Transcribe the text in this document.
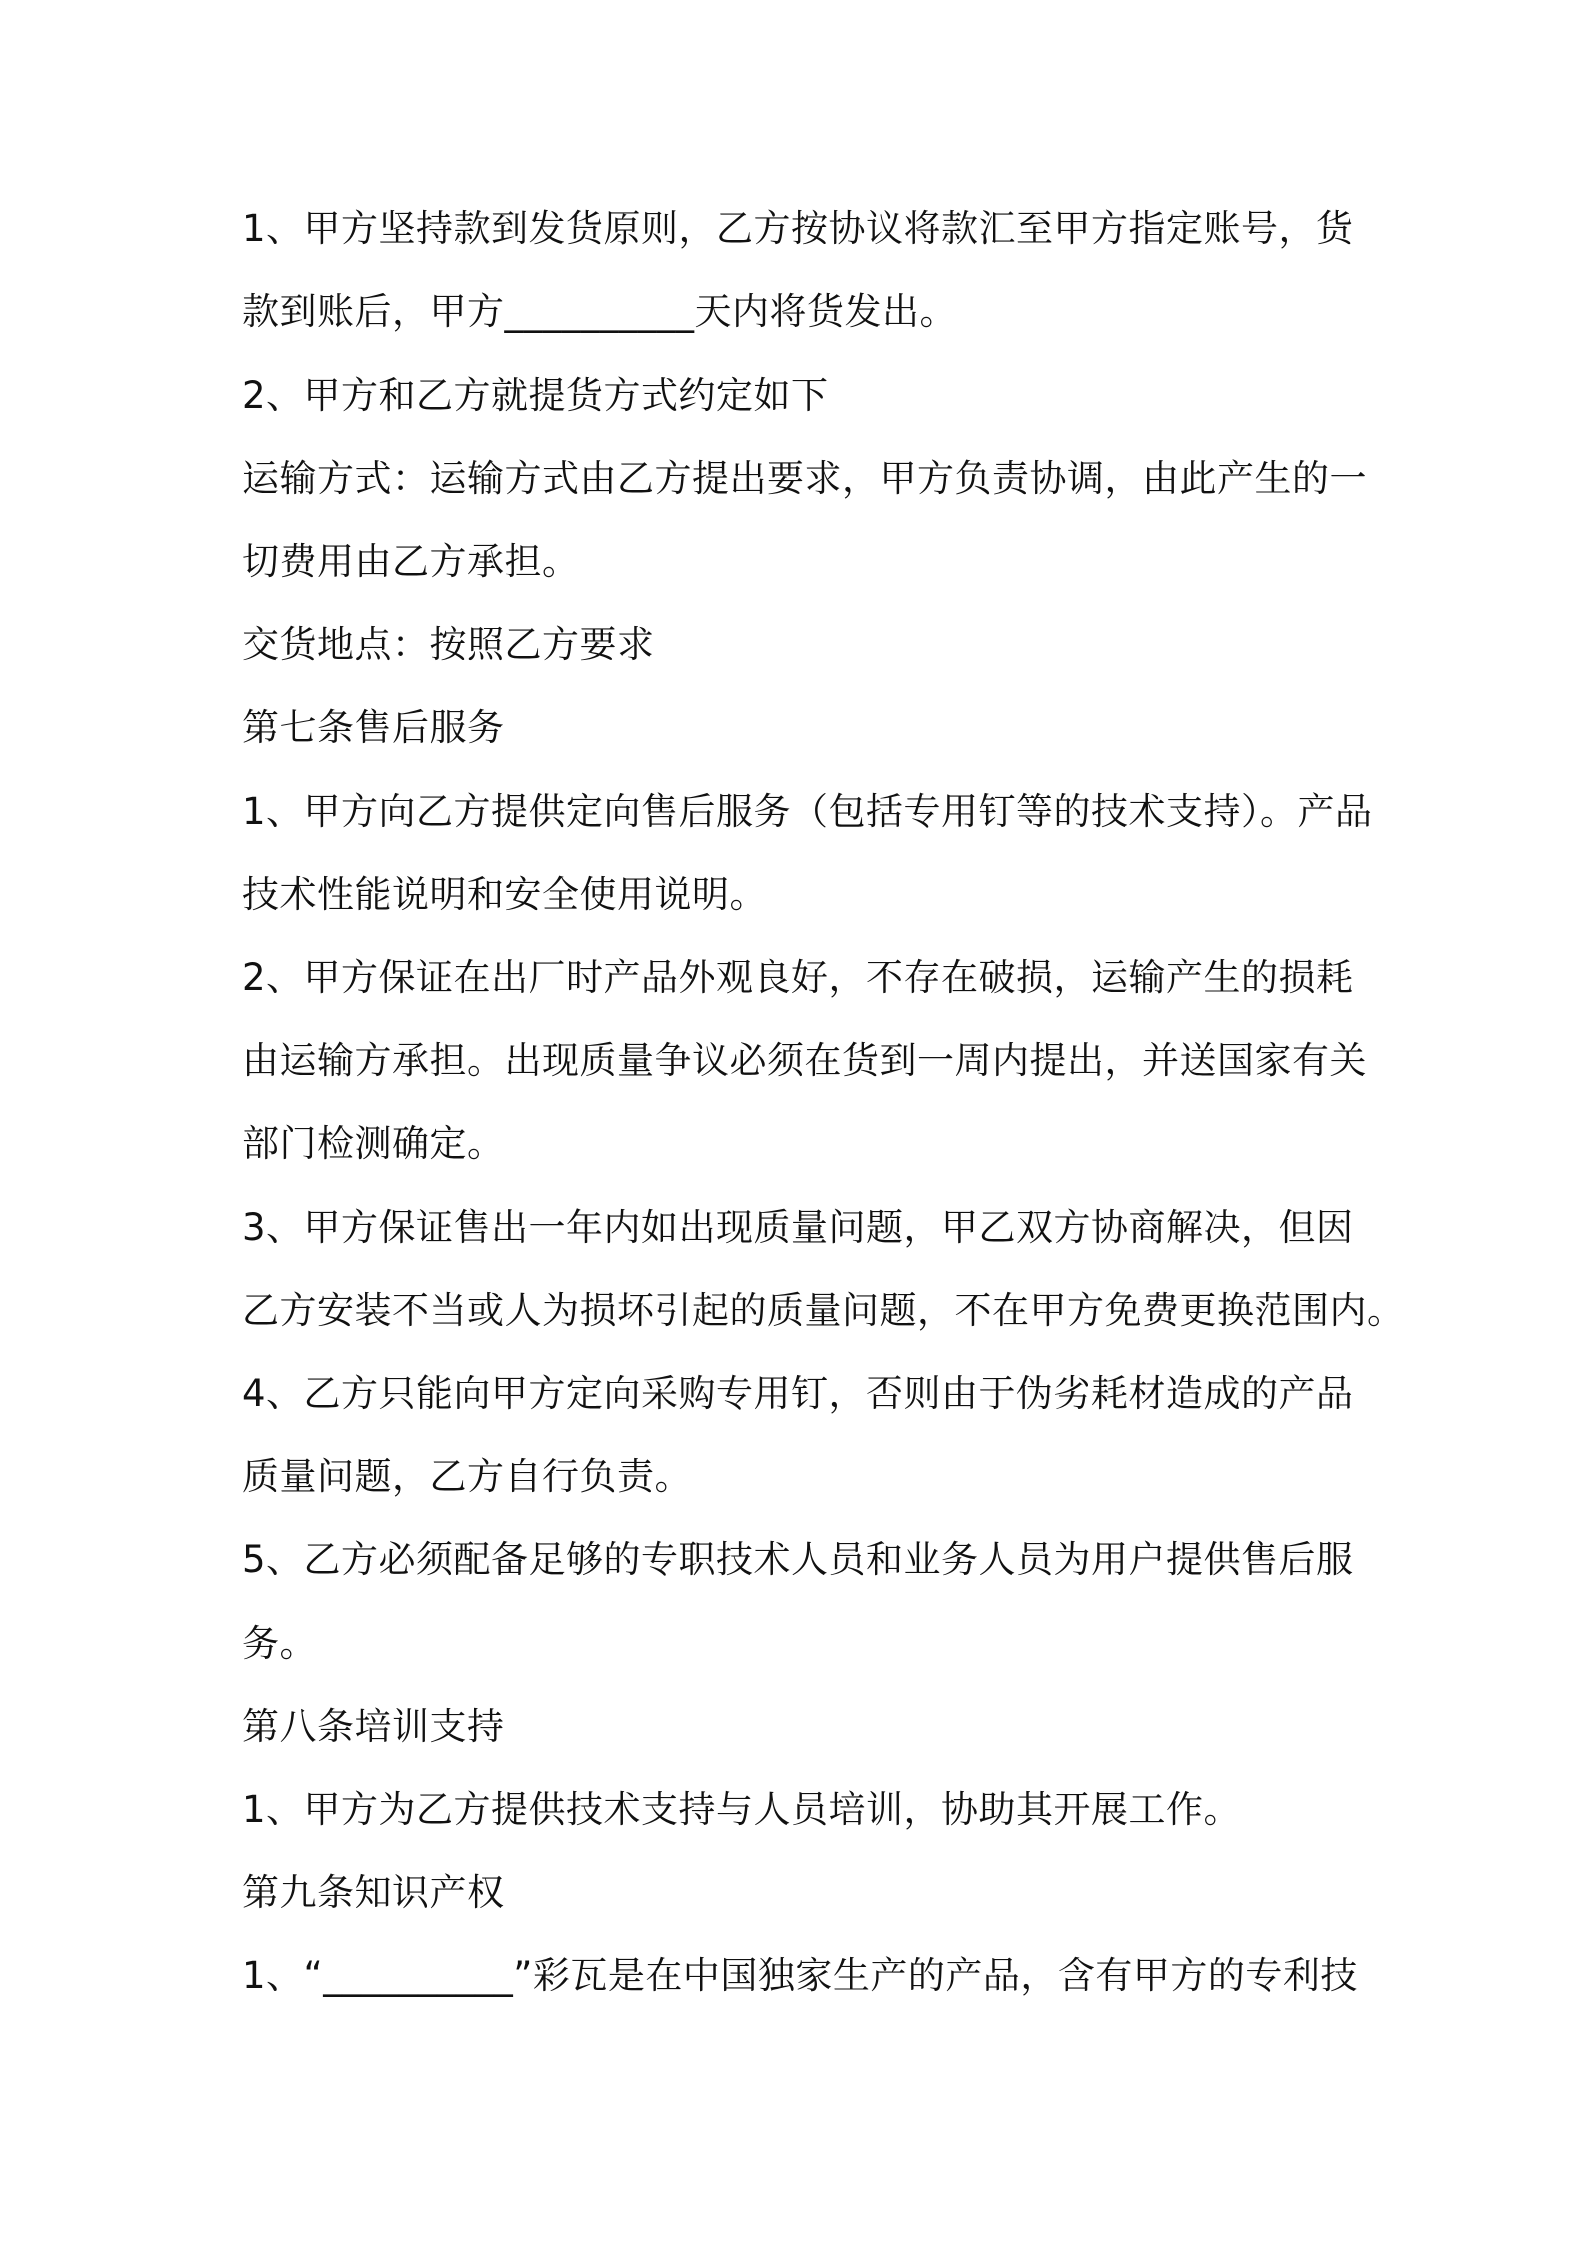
1、甲方坚持款到发货原则，乙方按协议将款汇至甲方指定账号，货
款到账后，甲方__________天内将货发出。
2、甲方和乙方就提货方式约定如下
运输方式：运输方式由乙方提出要求，甲方负责协调，由此产生的一
切费用由乙方承担。
交货地点：按照乙方要求
第七条售后服务
1、甲方向乙方提供定向售后服务（包括专用钉等的技术支持）。产品
技术性能说明和安全使用说明。
2、甲方保证在出厂时产品外观良好，不存在破损，运输产生的损耗
由运输方承担。出现质量争议必须在货到一周内提出，并送国家有关
部门检测确定。
3、甲方保证售出一年内如出现质量问题，甲乙双方协商解决，但因
乙方安装不当或人为损坏引起的质量问题，不在甲方免费更换范围内。
4、乙方只能向甲方定向采购专用钉，否则由于伪劣耗材造成的产品
质量问题，乙方自行负责。
5、乙方必须配备足够的专职技术人员和业务人员为用户提供售后服
务。
第八条培训支持
1、甲方为乙方提供技术支持与人员培训，协助其开展工作。
第九条知识产权
1、“__________”彩瓦是在中国独家生产的产品，含有甲方的专利技
